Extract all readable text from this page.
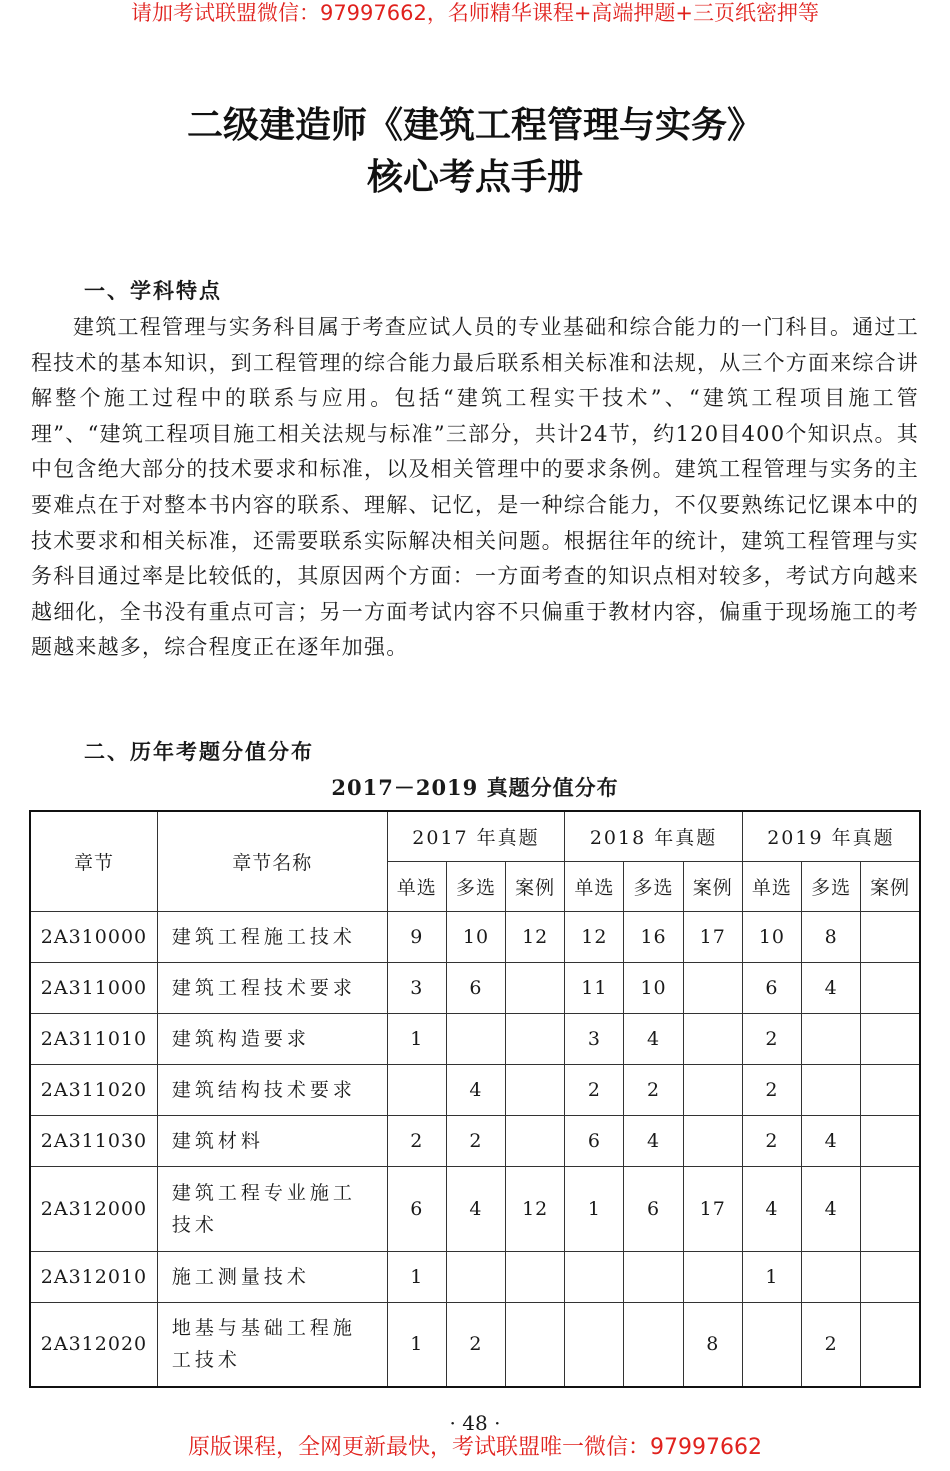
请加考试联盟微信：97997662，名师精华课程+高端押题+三页纸密押等
二级建造师《建筑工程管理与实务》
核心考点手册
一、学科特点

建筑工程管理与实务科目属于考查应试人员的专业基础和综合能力的一门科目。通过工程技术的基本知识，到工程管理的综合能力最后联系相关标准和法规，从三个方面来综合讲解整个施工过程中的联系与应用。包括“建筑工程实干技术”、“建筑工程项目施工管理”、“建筑工程项目施工相关法规与标准”三部分，共计24节，约120目400个知识点。其中包含绝大部分的技术要求和标准，以及相关管理中的要求条例。建筑工程管理与实务的主要难点在于对整本书内容的联系、理解、记忆，是一种综合能力，不仅要熟练记忆课本中的技术要求和相关标准，还需要联系实际解决相关问题。根据往年的统计，建筑工程管理与实务科目通过率是比较低的，其原因两个方面：一方面考查的知识点相对较多，考试方向越来越细化，全书没有重点可言；另一方面考试内容不只偏重于教材内容，偏重于现场施工的考题越来越多，综合程度正在逐年加强。

二、历年考题分值分布
2017－2019 真题分值分布
章节	章节名称	2017 年真题			2018 年真题			2019 年真题		
		单选	多选	案例	单选	多选	案例	单选	多选	案例
2A310000	建筑工程施工技术	9	10	12	12	16	17	10	8	
2A311000	建筑工程技术要求	3	6		11	10		6	4	
2A311010	建筑构造要求	1			3	4		2		
2A311020	建筑结构技术要求		4		2	2		2		
2A311030	建筑材料	2	2		6	4		2	4	
2A312000	建筑工程专业施工技术	6	4	12	1	6	17	4	4	
2A312010	施工测量技术	1						1		
2A312020	地基与基础工程施工技术	1	2				8		2	
· 48 ·
原版课程，全网更新最快，考试联盟唯一微信：97997662
